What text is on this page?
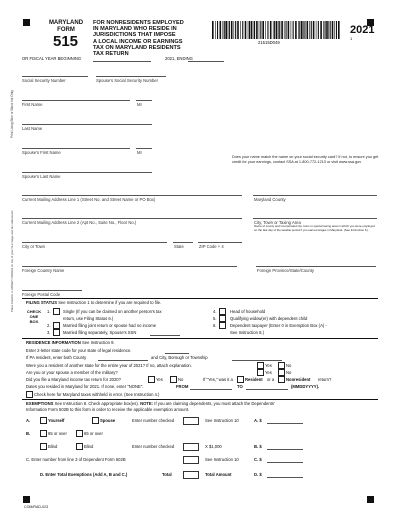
MARYLAND
FORM
515
FOR NONRESIDENTS EMPLOYED
IN MARYLAND WHO RESIDE IN
JURISDICTIONS THAT IMPOSE
A LOCAL INCOME OR EARNINGS
TAX ON MARYLAND RESIDENTS
TAX RETURN
21515D049
2021
1
OR FISCAL YEAR BEGINNING	2021, ENDING
Print Using Blue or Black Ink Only
Place CHECK or MONEY ORDER on top of your W-2 wage and tax statements
Social Security Number	Spouse's Social Security Number
First Name	MI
Last Name
Spouse's First Name	MI
Does your name match the name on your social security card? If not, to ensure you get credit for your earnings, contact SSA at 1-800-772-1213 or visit www.ssa.gov
Spouse's Last Name
Current Mailing Address Line 1 (Street No. and Street Name or PO Box)	Maryland County
Current Mailing Address Line 2 (Apt No., Suite No., Floor No.)	City, Town or Taxing Area
Name of county and incorporated city, town or special taxing area in which you were employed on the last day of the taxable period if you earned wages in Maryland. (See Instruction 6.)
City or Town	State	ZIP Code + 4
Foreign Country Name	Foreign Province/State/County
Foreign Postal Code
FILING STATUS See Instruction 1 to determine if you are required to file.
CHECK
ONE
BOX
1.	Single (If you can be claimed on another person's tax
return, use Filing Status 6.)
2.	Married filing joint return or spouse had no income
3.	Married filing separately, Spouse's SSN
4.	Head of household
5.	Qualifying widow(er) with dependent child
6.	Dependent taxpayer (Enter 0 in Exemption Box (A) -
See Instruction 8.)
RESIDENCE INFORMATION See Instruction 9.
Enter 2-letter state code for your state of legal residence.
If PA resident, enter both County	and City, Borough or Township
Were you a resident of another state for the entire year of 2021? If no, attach explanation.	Yes	No
Are you or your spouse a member of the military?	Yes	No
Did you file a Maryland income tax return for 2020?	Yes	No	If "Yes," was it a	Resident or a	Nonresident return?
Dates you resided in Maryland for 2021. If none, enter "NONE".	FROM	TO	(MMDDYYYY).
Check here for Maryland taxes withheld in error. (See Instruction 4.)
EXEMPTIONS See Instruction 8. Check appropriate box(es). NOTE: If you are claiming dependents, you must attach the Dependents'
Information Form 502B to this form in order to receive the applicable exemption amount.
A.	Yourself	Spouse	Enter number checked	See Instruction 10	A. $
B.	65 or over	65 or over
Blind	Blind	Enter number checked	X $1,000	B. $
C. Enter number from line 3 of Dependent Form 502B	See Instruction 10	C. $
D. Enter Total Exemptions (Add A, B and C.)	Total	Total Amount	D. $
COM/RAD-023
